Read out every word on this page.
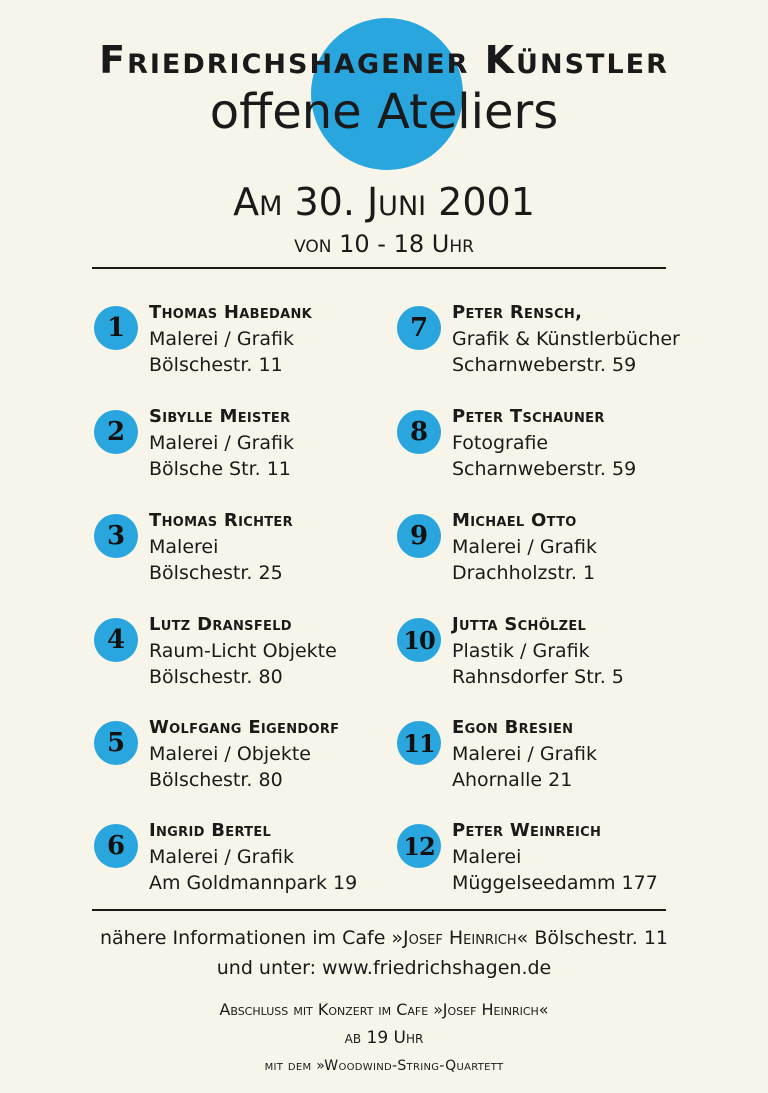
Friedrichshagener Künstler
offene Ateliers
Am 30. Juni 2001
von 10 - 18 Uhr
1
Thomas Habedank
Malerei / Grafik
Bölschestr. 11
2
Sibylle Meister
Malerei / Grafik
Bölsche Str. 11
3
Thomas Richter
Malerei
Bölschestr. 25
4
Lutz Dransfeld
Raum-Licht Objekte
Bölschestr. 80
5
Wolfgang Eigendorf
Malerei / Objekte
Bölschestr. 80
6
Ingrid Bertel
Malerei / Grafik
Am Goldmannpark 19
7
Peter Rensch,
Grafik & Künstlerbücher
Scharnweberstr. 59
8
Peter Tschauner
Fotografie
Scharnweberstr. 59
9
Michael Otto
Malerei / Grafik
Drachholzstr. 1
10
Jutta Schölzel
Plastik / Grafik
Rahnsdorfer Str. 5
11
Egon Bresien
Malerei / Grafik
Ahornalle 21
12
Peter Weinreich
Malerei
Müggelseedamm 177
nähere Informationen im Cafe »Josef Heinrich« Bölschestr. 11
und unter: www.friedrichshagen.de
Abschluss mit Konzert im Cafe »Josef Heinrich«
ab 19 Uhr
mit dem »Woodwind-String-Quartett
